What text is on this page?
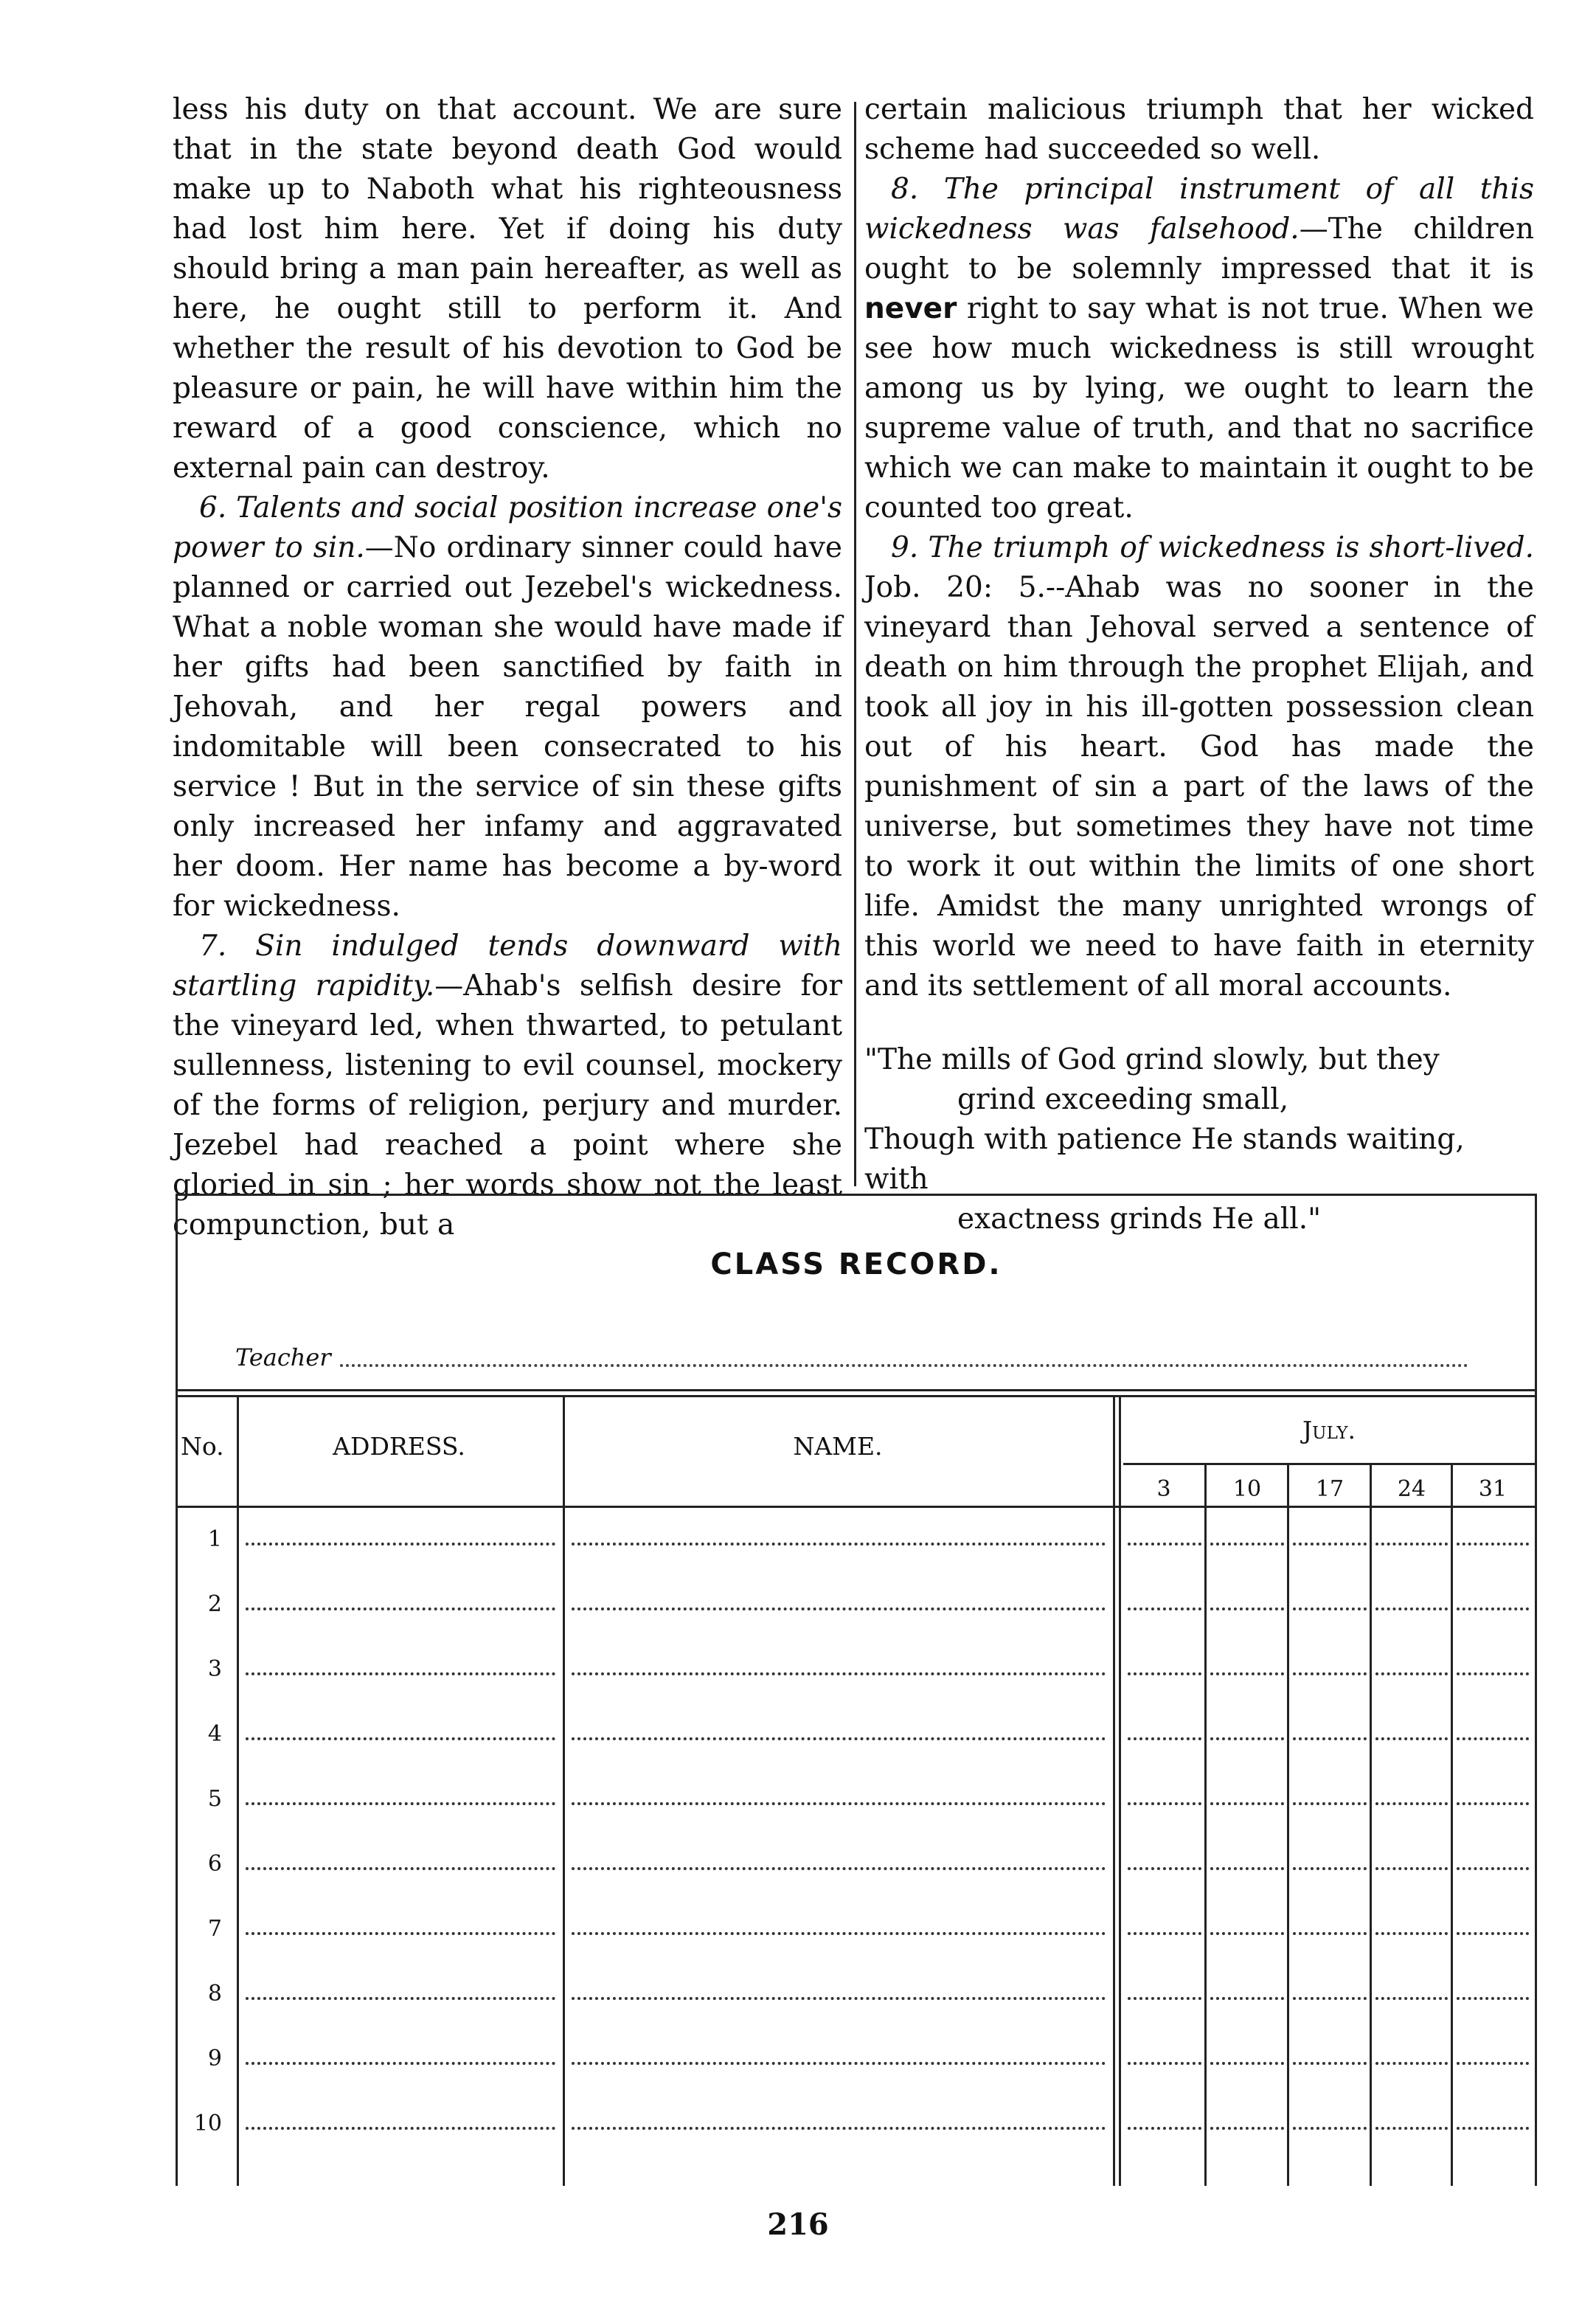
less his duty on that account. We are sure that in the state beyond death God would make up to Naboth what his righteousness had lost him here. Yet if doing his duty should bring a man pain hereafter, as well as here, he ought still to perform it. And whether the result of his devotion to God be pleasure or pain, he will have within him the reward of a good conscience, which no external pain can destroy.

6. Talents and social position increase one's power to sin.—No ordinary sinner could have planned or carried out Jezebel's wickedness. What a noble woman she would have made if her gifts had been sanctified by faith in Jehovah, and her regal powers and indomitable will been consecrated to his service ! But in the service of sin these gifts only increased her infamy and aggravated her doom. Her name has become a by-word for wickedness.

7. Sin indulged tends downward with startling rapidity.—Ahab's selfish desire for the vineyard led, when thwarted, to petulant sullenness, listening to evil counsel, mockery of the forms of religion, perjury and murder. Jezebel had reached a point where she gloried in sin ; her words show not the least compunction, but a

certain malicious triumph that her wicked scheme had succeeded so well.

8. The principal instrument of all this wickedness was falsehood.—The children ought to be solemnly impressed that it is never right to say what is not true. When we see how much wickedness is still wrought among us by lying, we ought to learn the supreme value of truth, and that no sacrifice which we can make to maintain it ought to be counted too great.

9. The triumph of wickedness is short-lived. Job. 20: 5.--Ahab was no sooner in the vineyard than Jehoval served a sentence of death on him through the prophet Elijah, and took all joy in his ill-gotten possession clean out of his heart. God has made the punishment of sin a part of the laws of the universe, but sometimes they have not time to work it out within the limits of one short life. Amidst the many unrighted wrongs of this world we need to have faith in eternity and its settlement of all moral accounts.

"The mills of God grind slowly, but they
grind exceeding small,
Though with patience He stands waiting, with
exactness grinds He all."
CLASS RECORD.
Teacher
No.	ADDRESS.	NAME.
July.
3	10	17	24	31
1
2
3
4
5
6
7
8
9
10
216
